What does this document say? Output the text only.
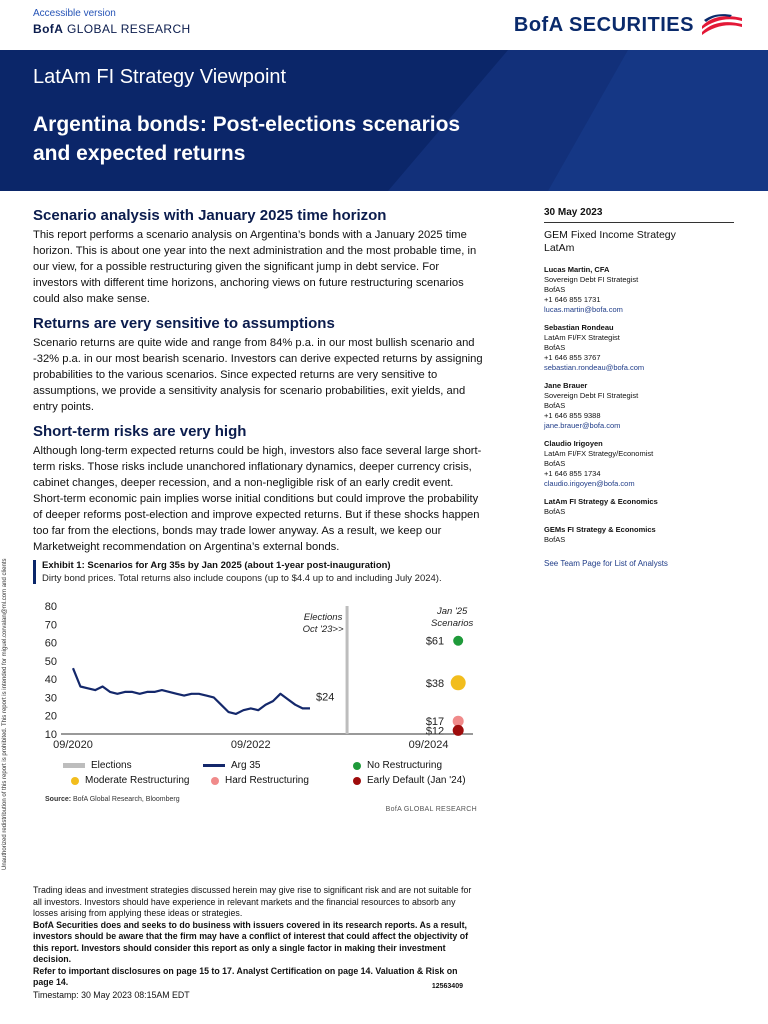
Accessible version
BofA GLOBAL RESEARCH	BofA SECURITIES
LatAm FI Strategy Viewpoint
Argentina bonds: Post-elections scenarios and expected returns
Unauthorized redistribution of this report is prohibited. This report is intended for miguel.corvalan@ml.com and clients
Scenario analysis with January 2025 time horizon

This report performs a scenario analysis on Argentina’s bonds with a January 2025 time horizon. This is about one year into the next administration and the most probable time, in our view, for a possible restructuring given the significant jump in debt service. For investors with different time horizons, anchoring views on future restructuring scenarios could also make sense.

Returns are very sensitive to assumptions

Scenario returns are quite wide and range from 84% p.a. in our most bullish scenario and -32% p.a. in our most bearish scenario. Investors can derive expected returns by assigning probabilities to the various scenarios. Since expected returns are very sensitive to assumptions, we provide a sensitivity analysis for scenario probabilities, exit yields, and entry points.

Short-term risks are very high

Although long-term expected returns could be high, investors also face several large short-term risks. Those risks include unanchored inflationary dynamics, deeper currency crisis, cabinet changes, deeper recession, and a non-negligible risk of an early credit event. Short-term economic pain implies worse initial conditions but could improve the probability of deeper reforms post-election and improve expected returns. But if these shocks happen too far from the elections, bonds may trade lower anyway. As a result, we keep our Marketweight recommendation on Argentina’s external bonds.

30 May 2023
GEM Fixed Income Strategy
LatAm
Lucas Martin, CFA
Sovereign Debt FI Strategist
BofAS
+1 646 855 1731
lucas.martin@bofa.com
Sebastian Rondeau
LatAm FI/FX Strategist
BofAS
+1 646 855 3767
sebastian.rondeau@bofa.com
Jane Brauer
Sovereign Debt FI Strategist
BofAS
+1 646 855 9388
jane.brauer@bofa.com
Claudio Irigoyen
LatAm FI/FX Strategy/Economist
BofAS
+1 646 855 1734
claudio.irigoyen@bofa.com
LatAm FI Strategy & Economics
BofAS
GEMs FI Strategy & Economics
BofAS
See Team Page for List of Analysts
Exhibit 1: Scenarios for Arg 35s by Jan 2025 (about 1-year post-inauguration)
Dirty bond prices. Total returns also include coupons (up to $4.4 up to and including July 2024).
10
20
30
40
50
60
70
80
09/2020	09/2022	09/2024
Elections
Oct '23>>
Jan '25
Scenarios
$24
$61
$38
$17
$12
Elections	Arg 35	No Restructuring
Moderate Restructuring	Hard Restructuring	Early Default (Jan '24)
Source: BofA Global Research, Bloomberg
BofA GLOBAL RESEARCH
Trading ideas and investment strategies discussed herein may give rise to significant risk and are not suitable for all investors. Investors should have experience in relevant markets and the financial resources to absorb any losses arising from applying these ideas or strategies.
BofA Securities does and seeks to do business with issuers covered in its research reports. As a result, investors should be aware that the firm may have a conflict of interest that could affect the objectivity of this report. Investors should consider this report as only a single factor in making their investment decision.
Refer to important disclosures on page 15 to 17. Analyst Certification on page 14. Valuation & Risk on page 14.
Timestamp: 30 May 2023 08:15AM EDT
12563409
